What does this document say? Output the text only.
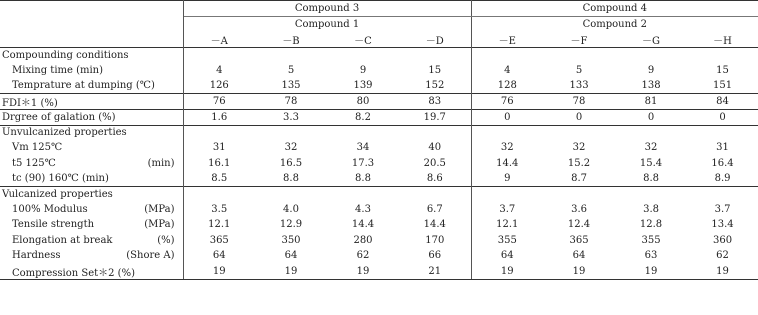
	Compound 3				Compound 4			
	Compound 1				Compound 2			
	－A	－B	－C	－D	－E	－F	－G	－H
Compounding conditions								
Mixing time (min)	4	5	9	15	4	5	9	15
Temprature at dumping (℃)	126	135	139	152	128	133	138	151
FDI＊1 (%)	76	78	80	83	76	78	81	84
Drgree of galation (%)	1.6	3.3	8.2	19.7	0	0	0	0
Unvulcanized properties								
Vm 125℃	31	32	34	40	32	32	32	31
t5 125℃ (min)	16.1	16.5	17.3	20.5	14.4	15.2	15.4	16.4
tc (90) 160℃ (min)	8.5	8.8	8.8	8.6	9	8.7	8.8	8.9
Vulcanized properties								
100% Modulus (MPa)	3.5	4.0	4.3	6.7	3.7	3.6	3.8	3.7
Tensile strength (MPa)	12.1	12.9	14.4	14.4	12.1	12.4	12.8	13.4
Elongation at break (%)	365	350	280	170	355	365	355	360
Hardness (Shore A)	64	64	62	66	64	64	63	62
Compression Set＊2 (%)	19	19	19	21	19	19	19	19
